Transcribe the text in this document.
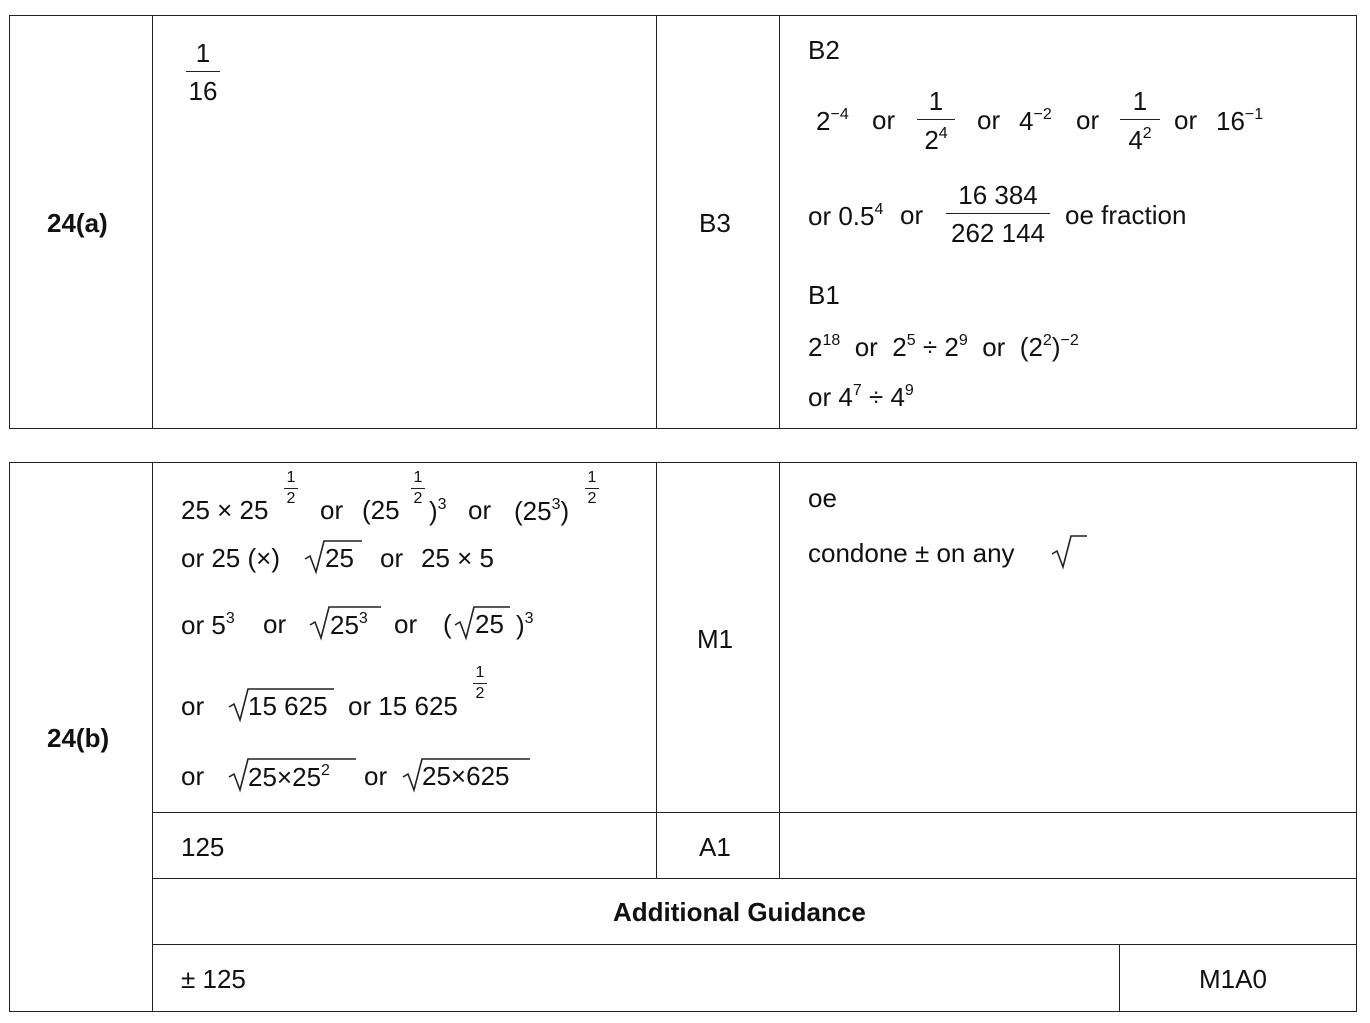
24(a)
1
16
B3
B2
$2^{-4}$ or
1
$2^4$ or $4^{-2}$ or
1
$4^2$ or $16^{-1}$
or $0.5^4$ or
16 384
262 144
oe fraction
B1
$2^{18}$ or $2^5 \div 2^9$ or $(2^2)^{-2}$
or $4^7 \div 4^9$
24(b)
25 × 25
1
2 or (25
1
2 )$^3$ or $(25^3)$
1
2
or 25 (×) 25 or 25 × 5
or $5^3$ or $25^3$ or ( 25 )$^3$
or 15 625 or 15 625
1
2
or $25\times 25^2$ or 25×625
M1
oe
condone ± on any
125	A1
Additional Guidance
± 125	M1A0
